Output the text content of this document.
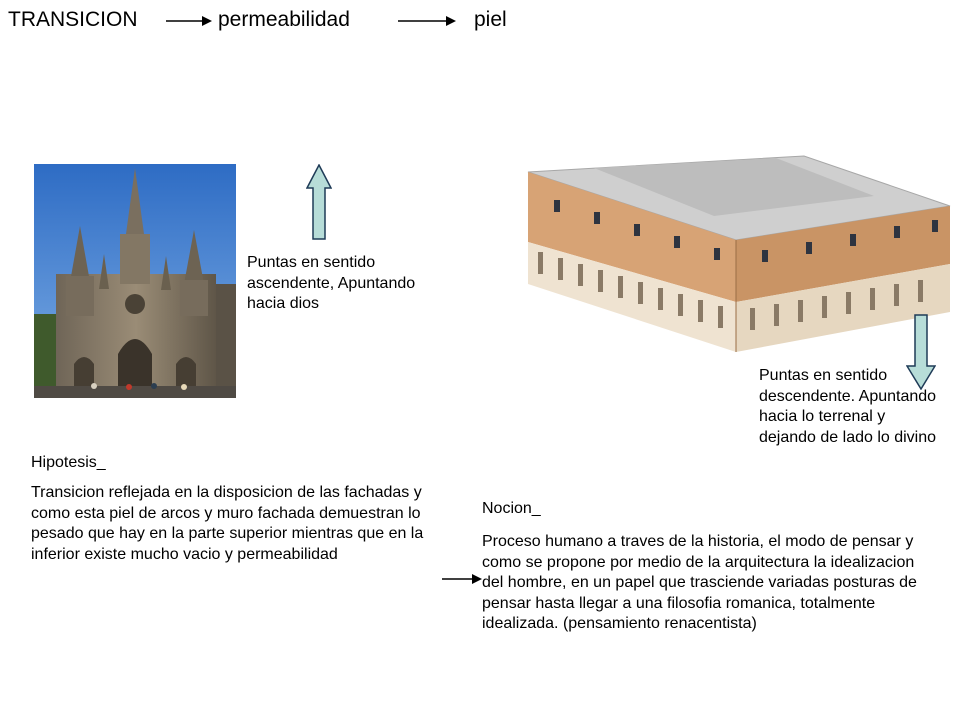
TRANSICION	permeabilidad	piel
Puntas en sentido ascendente, Apuntando hacia dios
Puntas en sentido descendente. Apuntando hacia lo terrenal y dejando de lado lo divino
Hipotesis_
Transicion reflejada en la disposicion de las fachadas y como esta piel de arcos y muro fachada demuestran lo pesado que hay en la parte superior mientras que en la inferior existe mucho vacio y permeabilidad
Nocion_
Proceso humano a traves de la historia, el modo de pensar y como se propone por medio de la arquitectura la idealizacion del hombre, en un papel que trasciende variadas posturas de pensar hasta llegar a una filosofia romanica, totalmente idealizada. (pensamiento renacentista)
